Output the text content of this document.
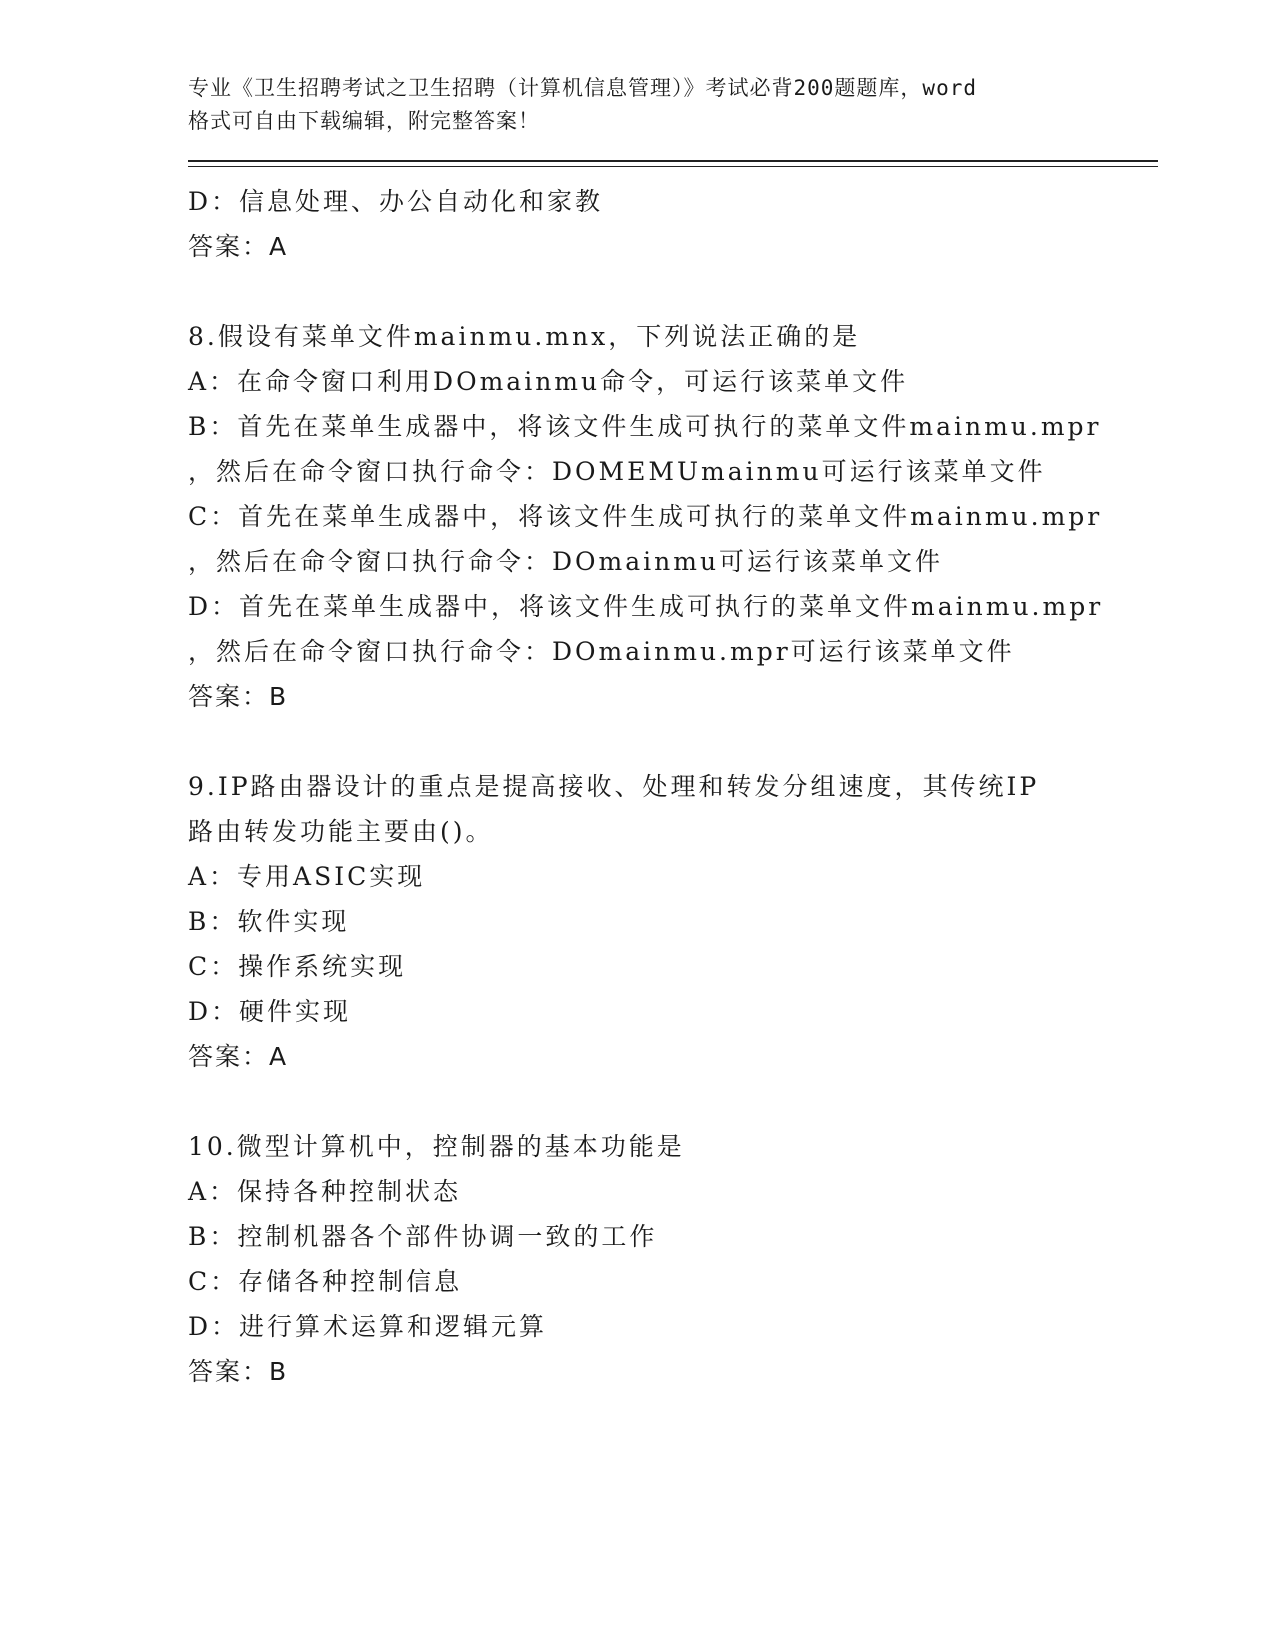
专业《卫生招聘考试之卫生招聘（计算机信息管理）》考试必背200题题库，word
格式可自由下载编辑，附完整答案！
D：信息处理、办公自动化和家教
答案：A
8.假设有菜单文件mainmu.mnx，下列说法正确的是
A：在命令窗口利用DOmainmu命令，可运行该菜单文件
B：首先在菜单生成器中，将该文件生成可执行的菜单文件mainmu.mpr
，然后在命令窗口执行命令：DOMEMUmainmu可运行该菜单文件
C：首先在菜单生成器中，将该文件生成可执行的菜单文件mainmu.mpr
，然后在命令窗口执行命令：DOmainmu可运行该菜单文件
D：首先在菜单生成器中，将该文件生成可执行的菜单文件mainmu.mpr
，然后在命令窗口执行命令：DOmainmu.mpr可运行该菜单文件
答案：B
9.IP路由器设计的重点是提高接收、处理和转发分组速度，其传统IP
路由转发功能主要由()。
A：专用ASIC实现
B：软件实现
C：操作系统实现
D：硬件实现
答案：A
10.微型计算机中，控制器的基本功能是
A：保持各种控制状态
B：控制机器各个部件协调一致的工作
C：存储各种控制信息
D：进行算术运算和逻辑元算
答案：B
